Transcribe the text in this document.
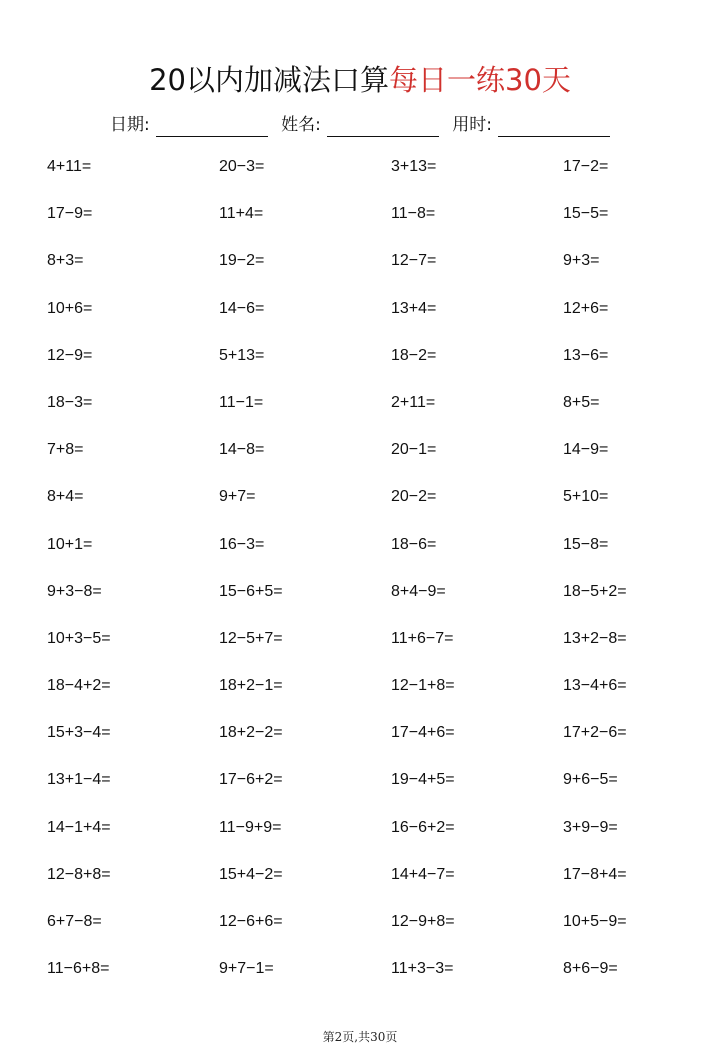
20以内加减法口算每日一练30天
日期:	姓名:	用时:
4+11=	20−3=	3+13=	17−2=
17−9=	11+4=	11−8=	15−5=
8+3=	19−2=	12−7=	9+3=
10+6=	14−6=	13+4=	12+6=
12−9=	5+13=	18−2=	13−6=
18−3=	11−1=	2+11=	8+5=
7+8=	14−8=	20−1=	14−9=
8+4=	9+7=	20−2=	5+10=
10+1=	16−3=	18−6=	15−8=
9+3−8=	15−6+5=	8+4−9=	18−5+2=
10+3−5=	12−5+7=	11+6−7=	13+2−8=
18−4+2=	18+2−1=	12−1+8=	13−4+6=
15+3−4=	18+2−2=	17−4+6=	17+2−6=
13+1−4=	17−6+2=	19−4+5=	9+6−5=
14−1+4=	11−9+9=	16−6+2=	3+9−9=
12−8+8=	15+4−2=	14+4−7=	17−8+4=
6+7−8=	12−6+6=	12−9+8=	10+5−9=
11−6+8=	9+7−1=	11+3−3=	8+6−9=
第2页,共30页
